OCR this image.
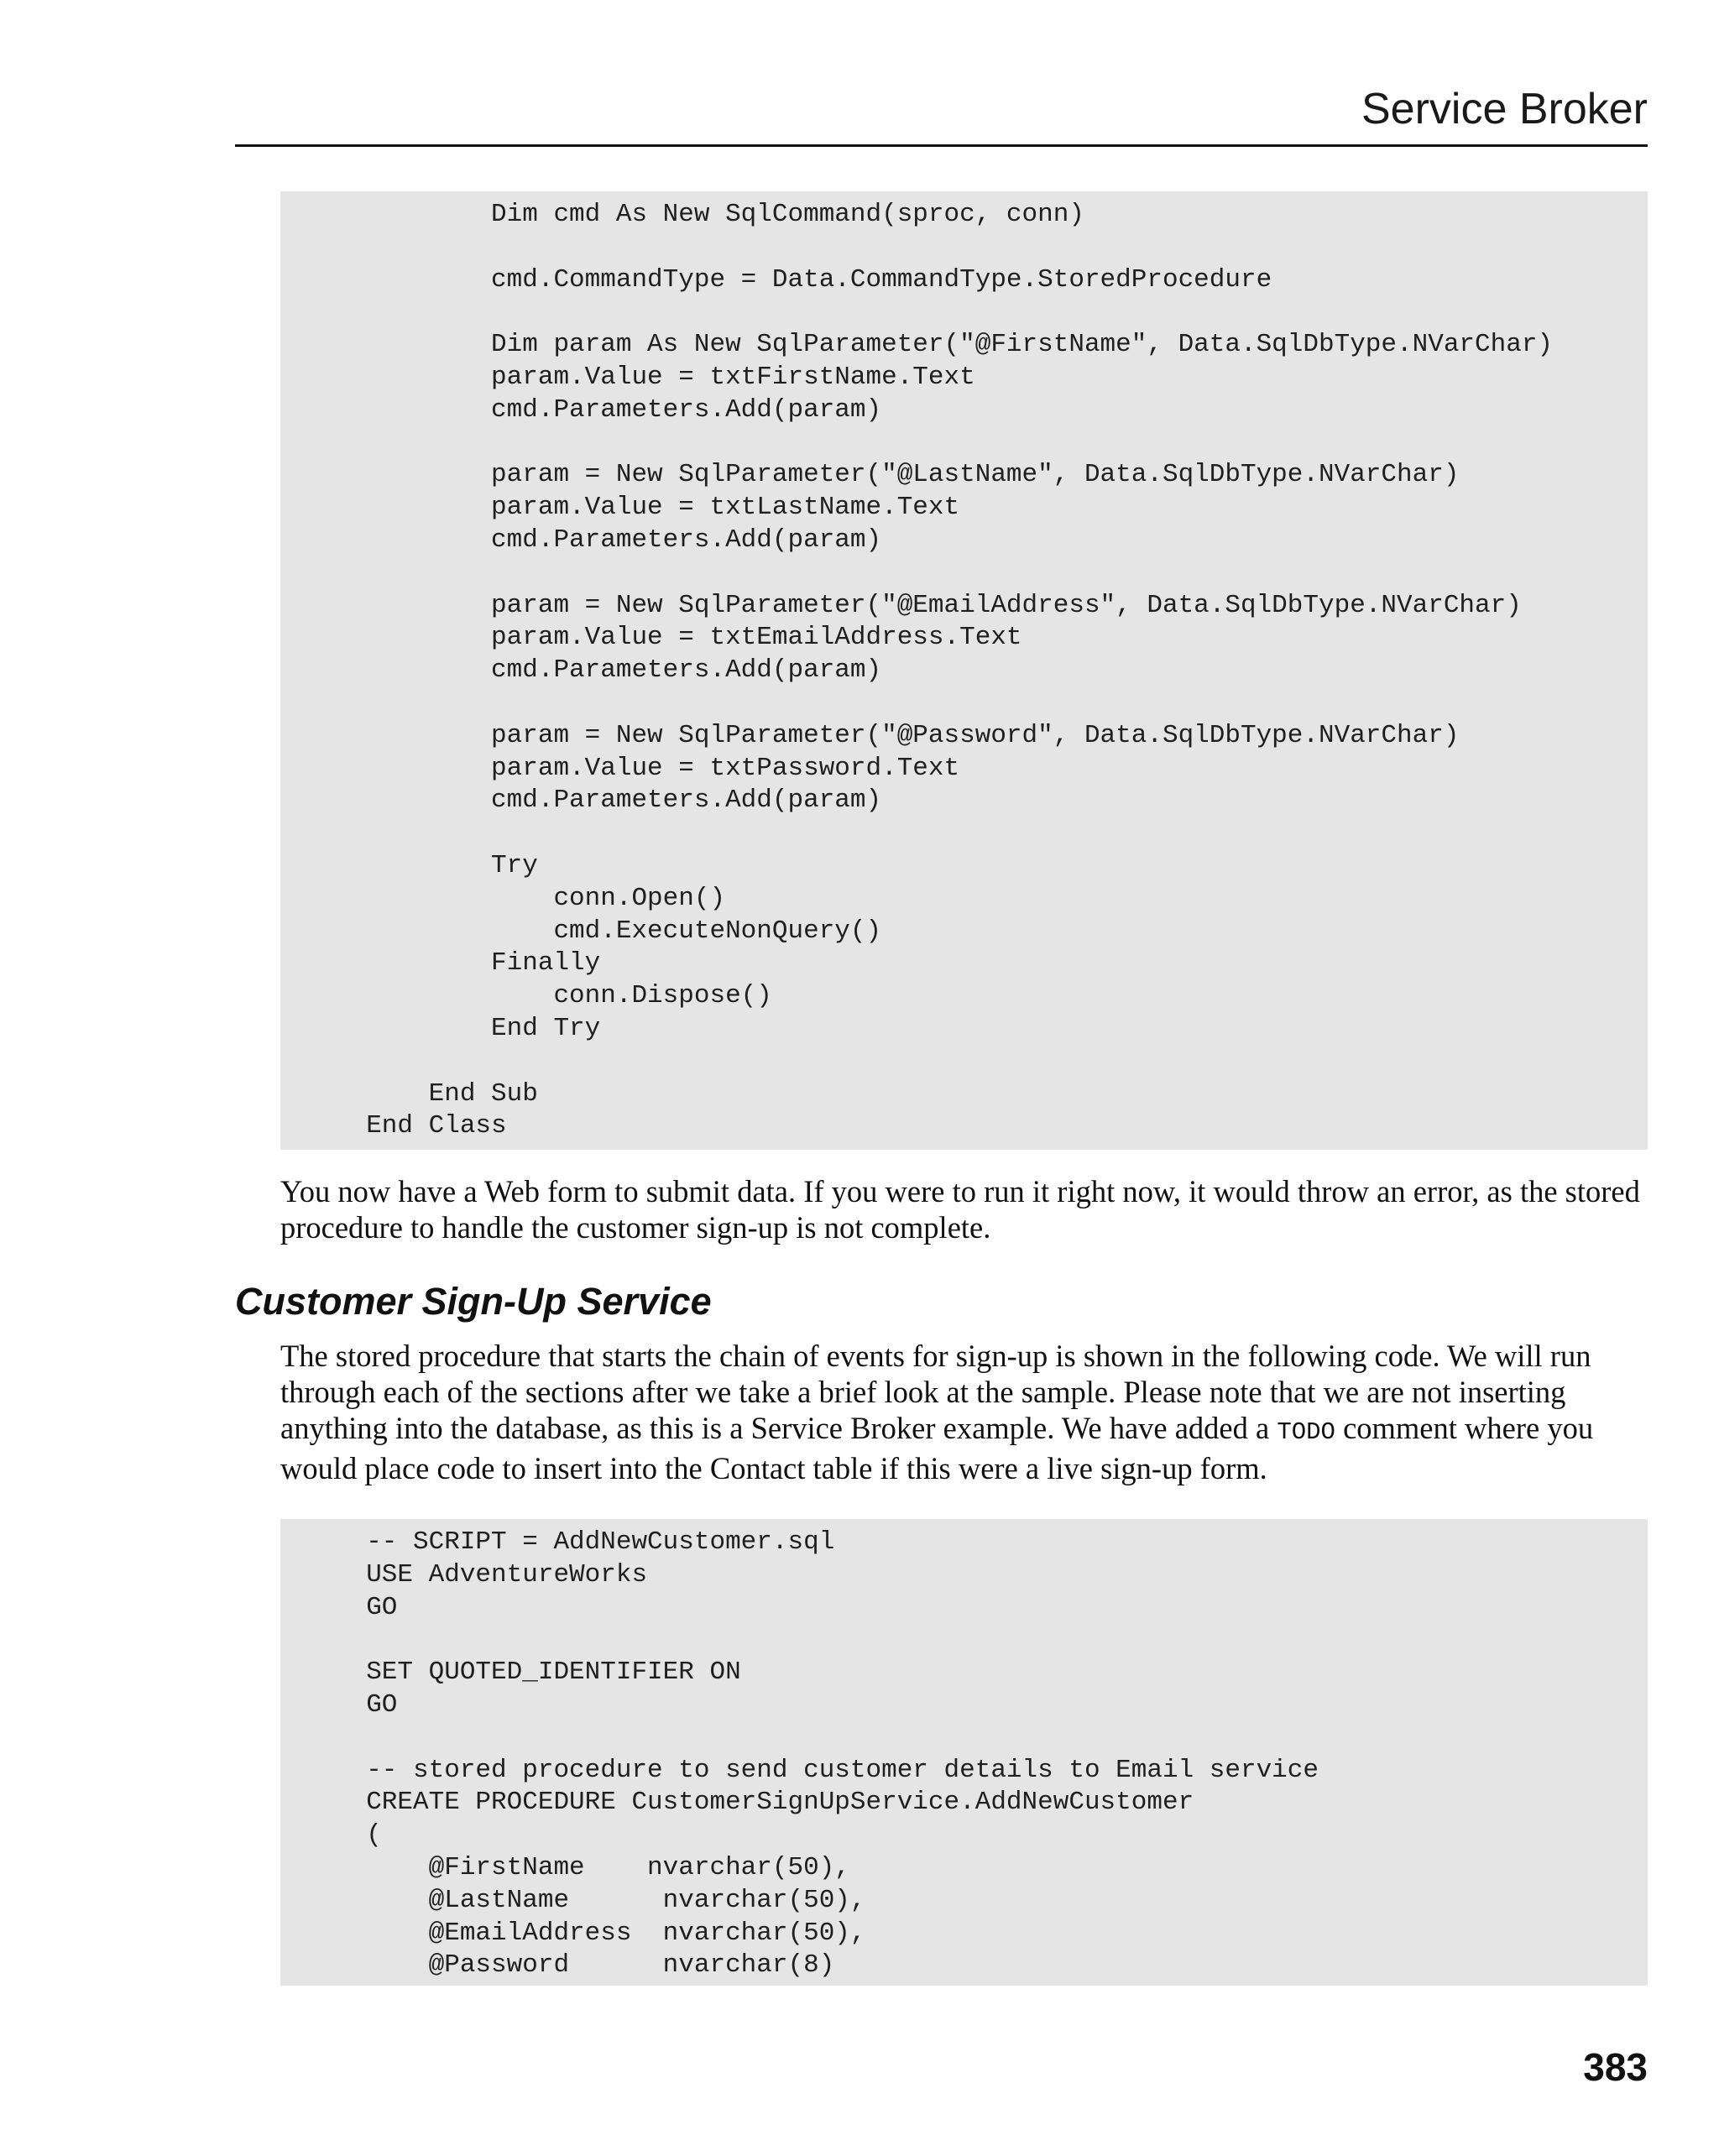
Service Broker
Dim cmd As New SqlCommand(sproc, conn)

cmd.CommandType = Data.CommandType.StoredProcedure

Dim param As New SqlParameter("@FirstName", Data.SqlDbType.NVarChar)
param.Value = txtFirstName.Text
cmd.Parameters.Add(param)

param = New SqlParameter("@LastName", Data.SqlDbType.NVarChar)
param.Value = txtLastName.Text
cmd.Parameters.Add(param)

param = New SqlParameter("@EmailAddress", Data.SqlDbType.NVarChar)
param.Value = txtEmailAddress.Text
cmd.Parameters.Add(param)

param = New SqlParameter("@Password", Data.SqlDbType.NVarChar)
param.Value = txtPassword.Text
cmd.Parameters.Add(param)

Try
conn.Open()
cmd.ExecuteNonQuery()
Finally
conn.Dispose()
End Try

End Sub
End Class

You now have a Web form to submit data. If you were to run it right now, it would throw an error, as the stored procedure to handle the customer sign-up is not complete.

Customer Sign-Up Service

The stored procedure that starts the chain of events for sign-up is shown in the following code. We will run through each of the sections after we take a brief look at the sample. Please note that we are not inserting anything into the database, as this is a Service Broker example. We have added a TODO comment where you would place code to insert into the Contact table if this were a live sign-up form.

-- SCRIPT = AddNewCustomer.sql
USE AdventureWorks
GO

SET QUOTED_IDENTIFIER ON
GO

-- stored procedure to send customer details to Email service
CREATE PROCEDURE CustomerSignUpService.AddNewCustomer
(
@FirstName    nvarchar(50),
@LastName      nvarchar(50),
@EmailAddress  nvarchar(50),
@Password      nvarchar(8)
383
